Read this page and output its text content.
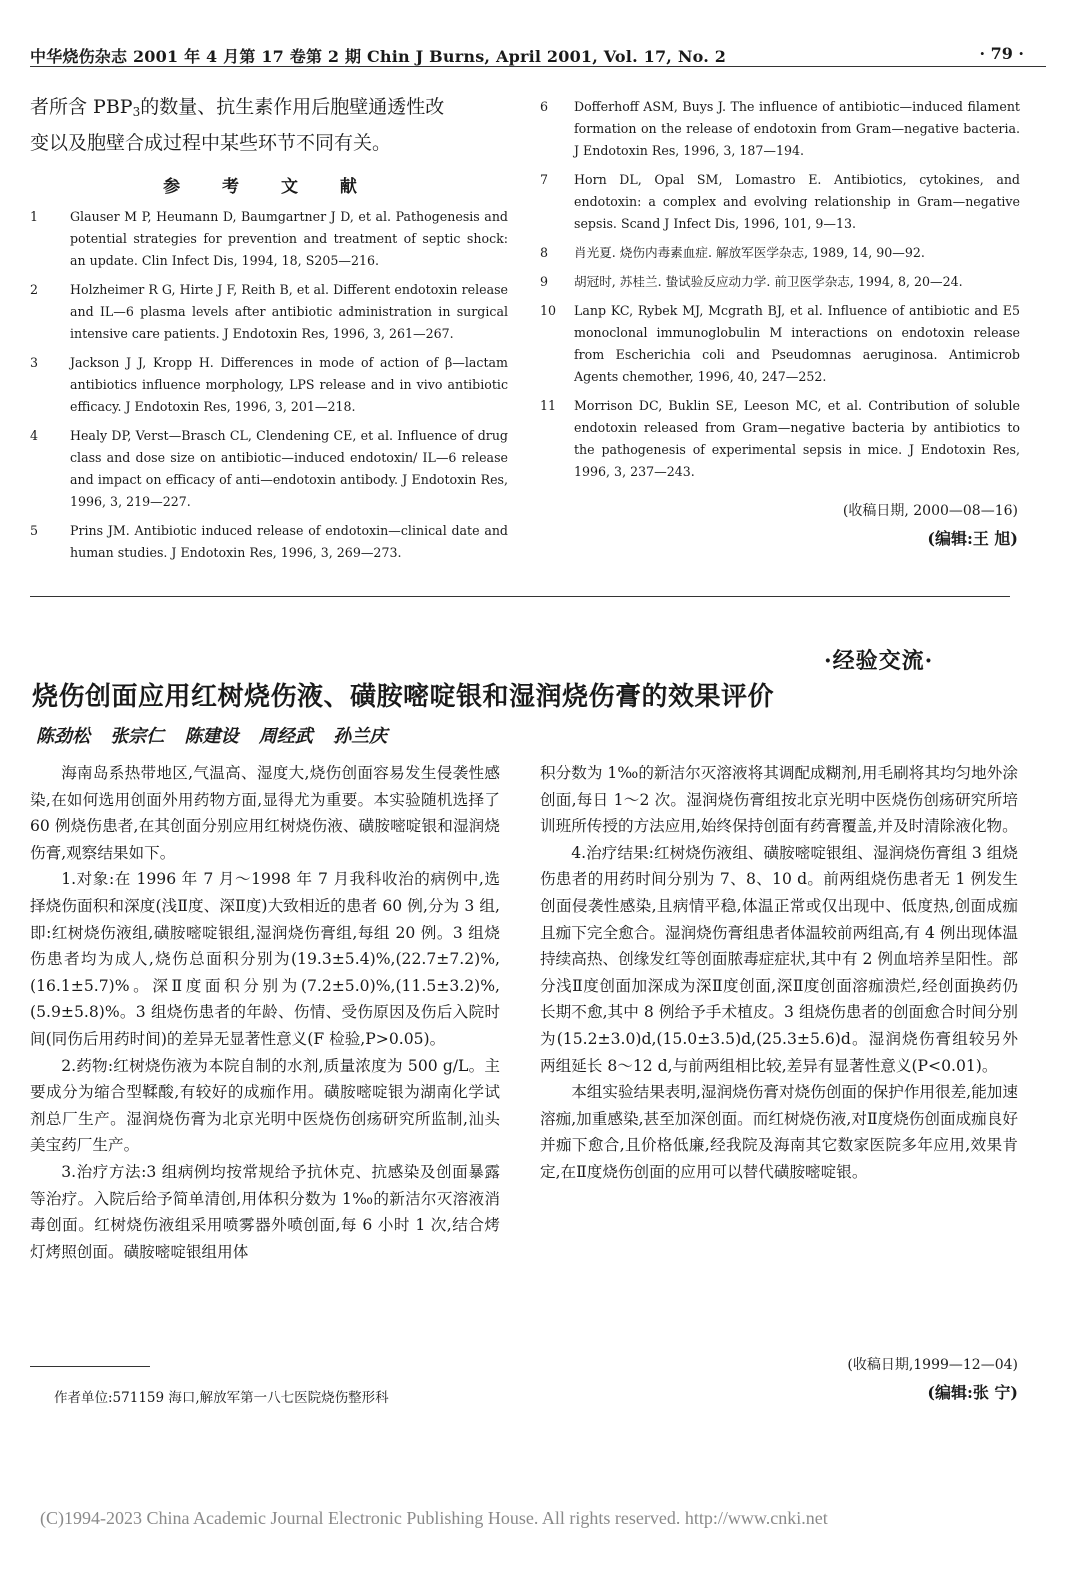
中华烧伤杂志 2001 年 4 月第 17 卷第 2 期 Chin J Burns, April 2001, Vol. 17, No. 2	· 79 ·

者所含 $PBP_3$的数量、抗生素作用后胞壁通透性改

变以及胞壁合成过程中某些环节不同有关。

参 考 文 献
1	Glauser M P, Heumann D, Baumgartner J D, et al. Pathogenesis and potential strategies for prevention and treatment of septic shock: an update. Clin Infect Dis, 1994, 18, S205—216.
2	Holzheimer R G, Hirte J F, Reith B, et al. Different endotoxin release and IL—6 plasma levels after antibiotic administration in surgical intensive care patients. J Endotoxin Res, 1996, 3, 261—267.
3	Jackson J J, Kropp H. Differences in mode of action of β—lactam antibiotics influence morphology, LPS release and in vivo antibiotic efficacy. J Endotoxin Res, 1996, 3, 201—218.
4	Healy DP, Verst—Brasch CL, Clendening CE, et al. Influence of drug class and dose size on antibiotic—induced endotoxin/ IL—6 release and impact on efficacy of anti—endotoxin antibody. J Endotoxin Res, 1996, 3, 219—227.
5	Prins JM. Antibiotic induced release of endotoxin—clinical date and human studies. J Endotoxin Res, 1996, 3, 269—273.
6	Dofferhoff ASM, Buys J. The influence of antibiotic—induced filament formation on the release of endotoxin from Gram—negative bacteria. J Endotoxin Res, 1996, 3, 187—194.
7	Horn DL, Opal SM, Lomastro E. Antibiotics, cytokines, and endotoxin: a complex and evolving relationship in Gram—negative sepsis. Scand J Infect Dis, 1996, 101, 9—13.
8	肖光夏. 烧伤内毒素血症. 解放军医学杂志, 1989, 14, 90—92.
9	胡冠时, 苏桂兰. 蛰试验反应动力学. 前卫医学杂志, 1994, 8, 20—24.
10	Lanp KC, Rybek MJ, Mcgrath BJ, et al. Influence of antibiotic and E5 monoclonal immunoglobulin M interactions on endotoxin release from Escherichia coli and Pseudomnas aeruginosa. Antimicrob Agents chemother, 1996, 40, 247—252.
11	Morrison DC, Buklin SE, Leeson MC, et al. Contribution of soluble endotoxin released from Gram—negative bacteria by antibiotics to the pathogenesis of experimental sepsis in mice. J Endotoxin Res, 1996, 3, 237—243.
(收稿日期, 2000—08—16)
(编辑:王 旭)
·经验交流·
烧伤创面应用红树烧伤液、磺胺嘧啶银和湿润烧伤膏的效果评价
陈劲松 张宗仁 陈建设 周经武 孙兰庆

海南岛系热带地区,气温高、湿度大,烧伤创面容易发生侵袭性感染,在如何选用创面外用药物方面,显得尤为重要。本实验随机选择了 60 例烧伤患者,在其创面分别应用红树烧伤液、磺胺嘧啶银和湿润烧伤膏,观察结果如下。

1.对象:在 1996 年 7 月～1998 年 7 月我科收治的病例中,选择烧伤面积和深度(浅Ⅱ度、深Ⅱ度)大致相近的患者 60 例,分为 3 组,即:红树烧伤液组,磺胺嘧啶银组,湿润烧伤膏组,每组 20 例。3 组烧伤患者均为成人,烧伤总面积分别为(19.3±5.4)%,(22.7±7.2)%,(16.1±5.7)%。深Ⅱ度面积分别为(7.2±5.0)%,(11.5±3.2)%,(5.9±5.8)%。3 组烧伤患者的年龄、伤情、受伤原因及伤后入院时间(同伤后用药时间)的差异无显著性意义(F 检验,P>0.05)。

2.药物:红树烧伤液为本院自制的水剂,质量浓度为 500 g/L。主要成分为缩合型鞣酸,有较好的成痂作用。磺胺嘧啶银为湖南化学试剂总厂生产。湿润烧伤膏为北京光明中医烧伤创疡研究所监制,汕头美宝药厂生产。

3.治疗方法:3 组病例均按常规给予抗休克、抗感染及创面暴露等治疗。入院后给予简单清创,用体积分数为 1‰的新洁尔灭溶液消毒创面。红树烧伤液组采用喷雾器外喷创面,每 6 小时 1 次,结合烤灯烤照创面。磺胺嘧啶银组用体

积分数为 1‰的新洁尔灭溶液将其调配成糊剂,用毛刷将其均匀地外涂创面,每日 1～2 次。湿润烧伤膏组按北京光明中医烧伤创疡研究所培训班所传授的方法应用,始终保持创面有药膏覆盖,并及时清除液化物。

4.治疗结果:红树烧伤液组、磺胺嘧啶银组、湿润烧伤膏组 3 组烧伤患者的用药时间分别为 7、8、10 d。前两组烧伤患者无 1 例发生创面侵袭性感染,且病情平稳,体温正常或仅出现中、低度热,创面成痂且痂下完全愈合。湿润烧伤膏组患者体温较前两组高,有 4 例出现体温持续高热、创缘发红等创面脓毒症症状,其中有 2 例血培养呈阳性。部分浅Ⅱ度创面加深成为深Ⅱ度创面,深Ⅱ度创面溶痂溃烂,经创面换药仍长期不愈,其中 8 例给予手术植皮。3 组烧伤患者的创面愈合时间分别为(15.2±3.0)d,(15.0±3.5)d,(25.3±5.6)d。湿润烧伤膏组较另外两组延长 8～12 d,与前两组相比较,差异有显著性意义(P<0.01)。

本组实验结果表明,湿润烧伤膏对烧伤创面的保护作用很差,能加速溶痂,加重感染,甚至加深创面。而红树烧伤液,对Ⅱ度烧伤创面成痂良好并痂下愈合,且价格低廉,经我院及海南其它数家医院多年应用,效果肯定,在Ⅱ度烧伤创面的应用可以替代磺胺嘧啶银。

(收稿日期,1999—12—04)
(编辑:张 宁)
作者单位:571159 海口,解放军第一八七医院烧伤整形科
(C)1994-2023 China Academic Journal Electronic Publishing House. All rights reserved. http://www.cnki.net
